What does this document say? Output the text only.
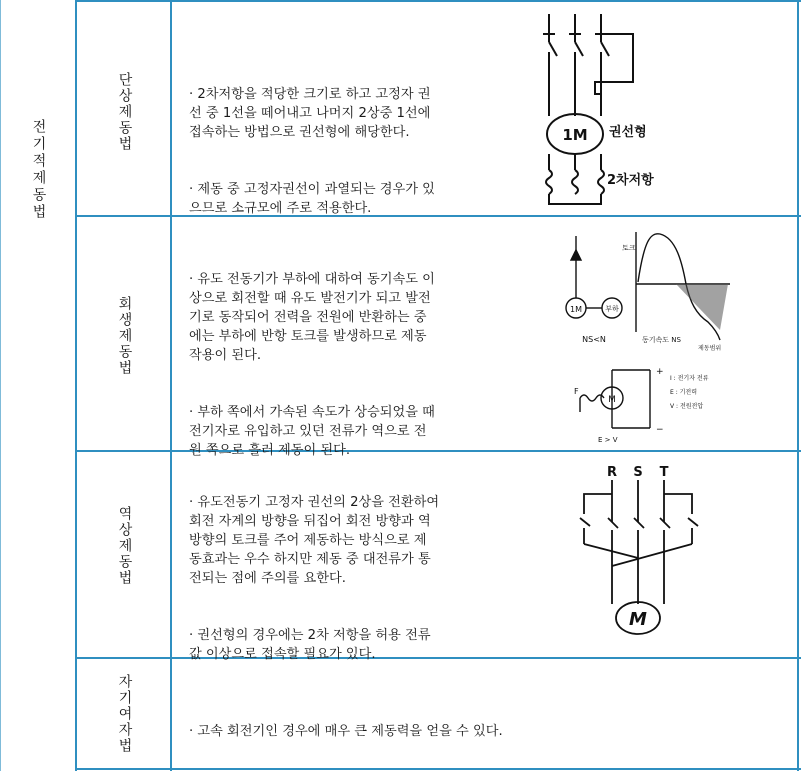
전기적제동법
단상제동법
회생제동법
역상제동법
자기여자법

· 2차저항을 적당한 크기로 하고 고정자 권
선 중 1선을 떼어내고 나머지 2상중 1선에
접속하는 방법으로 권선형에 해당한다.

· 제동 중 고정자권선이 과열되는 경우가 있
으므로 소규모에 주로 적용한다.

· 유도 전동기가 부하에 대하여 동기속도 이
상으로 회전할 때 유도 발전기가 되고 발전
기로 동작되어 전력을 전원에 반환하는 중
에는 부하에 반항 토크를 발생하므로 제동
작용이 된다.

· 부하 쪽에서 가속된 속도가 상승되었을 때
전기자로 유입하고 있던 전류가 역으로 전
원 쪽으로 흘러 제동이 된다.

· 유도전동기 고정자 권선의 2상을 전환하여
회전 자계의 방향을 뒤집어 회전 방향과 역
방향의 토크를 주어 제동하는 방식으로 제
동효과는 우수 하지만 제동 중 대전류가 통
전되는 점에 주의를 요한다.

· 권선형의 경우에는 2차 저항을 허용 전류
값 이상으로 접속할 필요가 있다.

· 고속 회전기인 경우에 매우 큰 제동력을 얻을 수 있다.

1M 권선형
2차저항
1M	부하
NS<N
토크
동기속도 NS
제동범위
M
F
+
−
I : 전기자 전류
E : 기전력
V : 전원전압
E > V
R S T
M
